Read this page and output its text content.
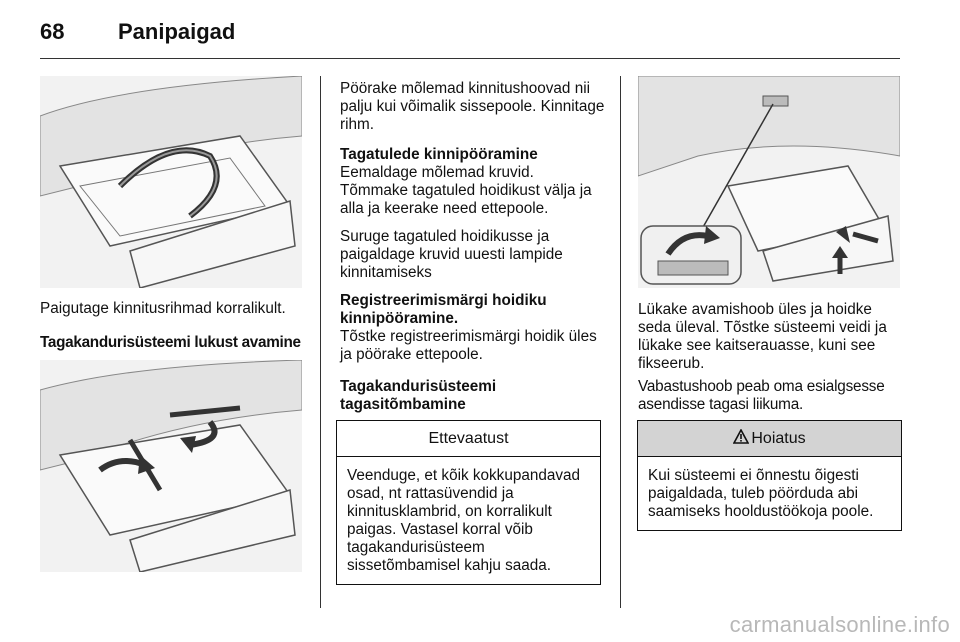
68 Panipaigad

Paigutage kinnitusrihmad korralikult.

Tagakandurisüsteemi lukust avamine

Pöörake mõlemad kinnitushoovad nii palju kui võimalik sissepoole. Kinnitage rihm.

Tagatulede kinnipööramine

Eemaldage mõlemad kruvid. Tõmmake tagatuled hoidikust välja ja alla ja keerake need ettepoole.

Suruge tagatuled hoidikusse ja paigaldage kruvid uuesti lampide kinnitamiseks

Registreerimismärgi hoidiku kinnipööramine.

Tõstke registreerimismärgi hoidik üles ja pöörake ettepoole.

Tagakandurisüsteemi tagasitõmbamine

Ettevaatust
Veenduge, et kõik kokkupandavad osad, nt rattasüvendid ja kinnitusklambrid, on korralikult paigas. Vastasel korral võib tagakandurisüsteem sissetõmbamisel kahju saada.

Lükake avamishoob üles ja hoidke seda üleval. Tõstke süsteemi veidi ja lükake see kaitserauasse, kuni see fikseerub.

Vabastushoob peab oma esialgsesse asendisse tagasi liikuma.

Hoiatus
Kui süsteemi ei õnnestu õigesti paigaldada, tuleb pöörduda abi saamiseks hooldustöökoja poole.
carmanualsonline.info
